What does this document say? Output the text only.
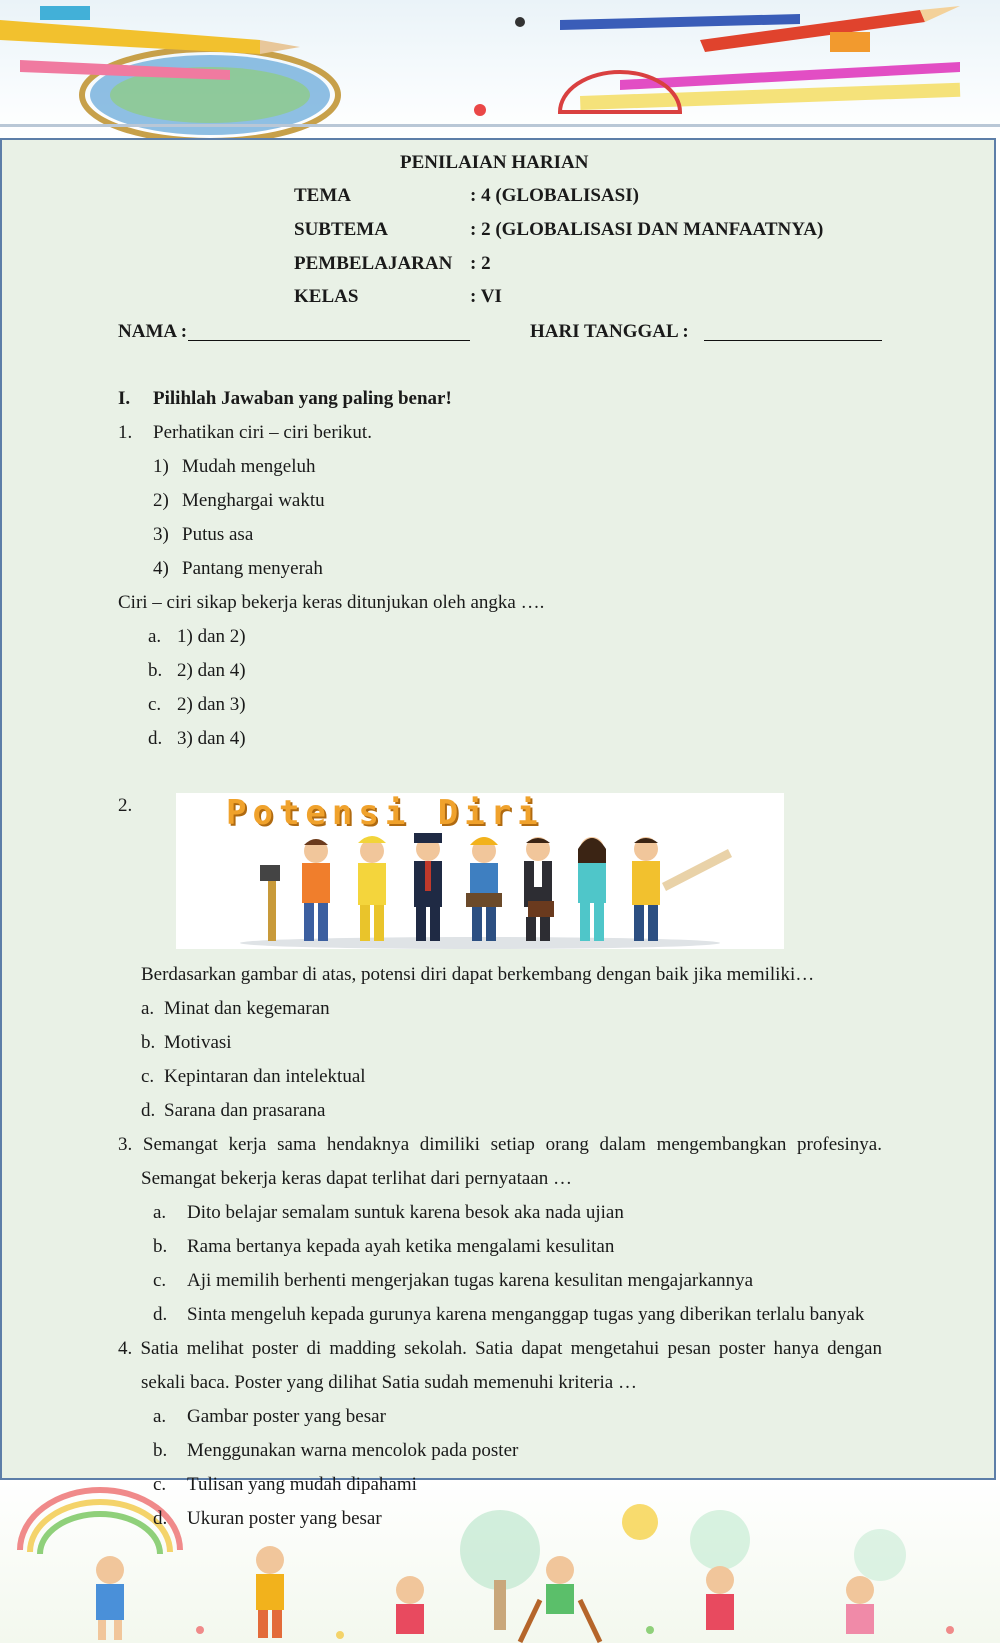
PENILAIAN HARIAN
TEMA	: 4 (GLOBALISASI)
SUBTEMA	: 2 (GLOBALISASI DAN MANFAATNYA)
PEMBELAJARAN : 2
KELAS	: VI
NAMA :	HARI TANGGAL :
I. Pilihlah Jawaban yang paling benar!
1. Perhatikan ciri – ciri berikut.
1) Mudah mengeluh
2) Menghargai waktu
3) Putus asa
4) Pantang menyerah
Ciri – ciri sikap bekerja keras ditunjukan oleh angka ….
a. 1) dan 2)
b. 2) dan 4)
c. 2) dan 3)
d. 3) dan 4)
2.	Potensi Diri
Berdasarkan gambar di atas, potensi diri dapat berkembang dengan baik jika memiliki…
a. Minat dan kegemaran
b. Motivasi
c. Kepintaran dan intelektual
d. Sarana dan prasarana
3. Semangat kerja sama hendaknya dimiliki setiap orang dalam mengembangkan profesinya.
Semangat bekerja keras dapat terlihat dari pernyataan …
a. Dito belajar semalam suntuk karena besok aka nada ujian
b. Rama bertanya kepada ayah ketika mengalami kesulitan
c. Aji memilih berhenti mengerjakan tugas karena kesulitan mengajarkannya
d. Sinta mengeluh kepada gurunya karena menganggap tugas yang diberikan terlalu banyak
4. Satia melihat poster di madding sekolah. Satia dapat mengetahui pesan poster hanya dengan
sekali baca. Poster yang dilihat Satia sudah memenuhi kriteria …
a. Gambar poster yang besar
b. Menggunakan warna mencolok pada poster
c. Tulisan yang mudah dipahami
d. Ukuran poster yang besar
